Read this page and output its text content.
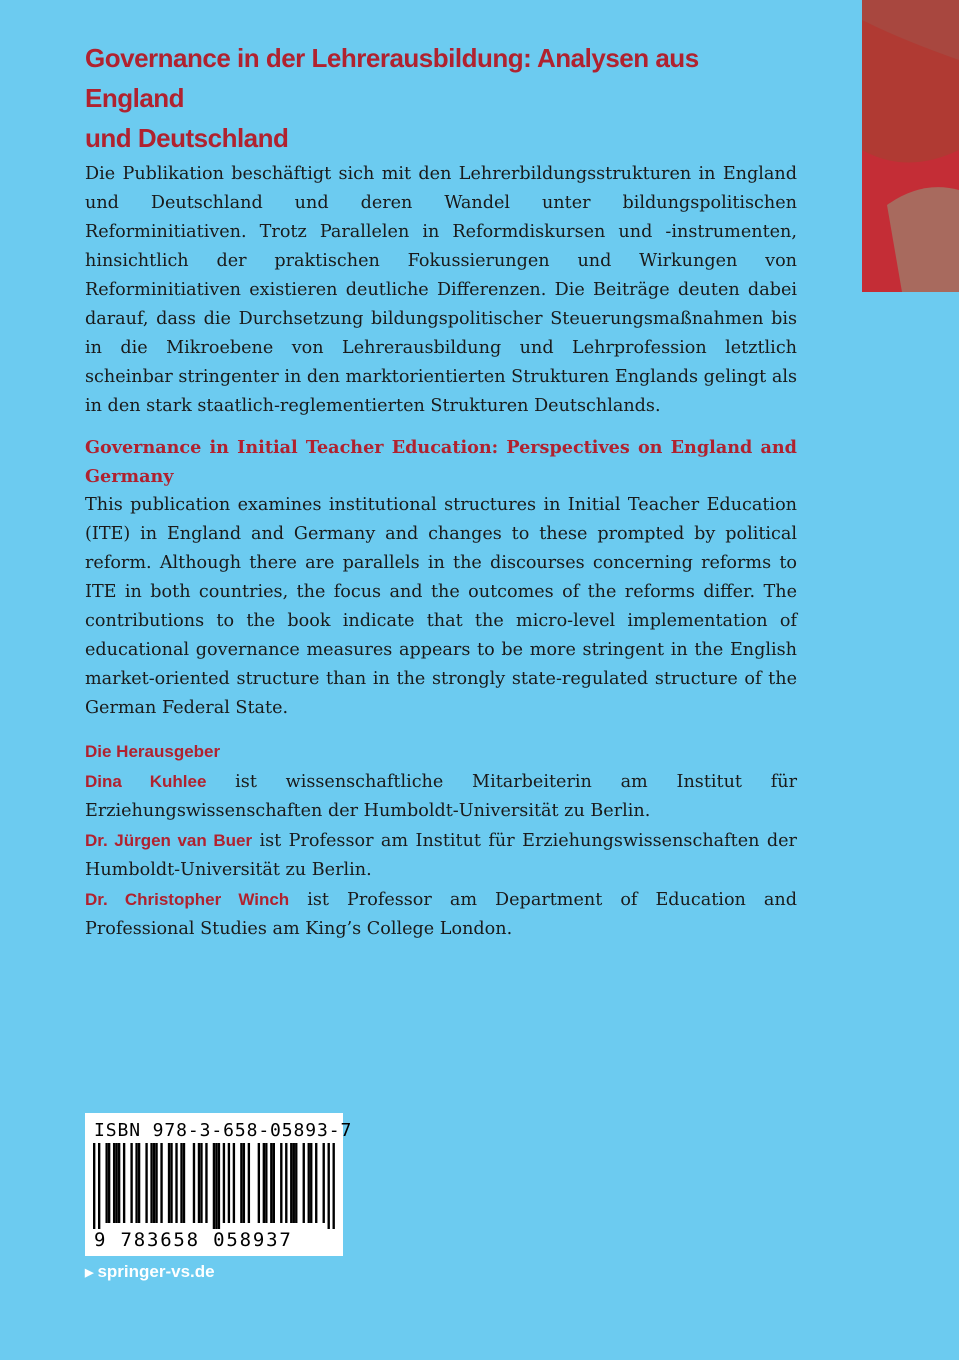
Governance in der Lehrerausbildung: Analysen aus England
und Deutschland

Die Publikation beschäftigt sich mit den Lehrerbildungsstrukturen in England und Deutschland und deren Wandel unter bildungspolitischen Reforminitiativen. Trotz Parallelen in Reformdiskursen und -instrumenten, hinsichtlich der praktischen Fokussierungen und Wirkungen von Reforminitiativen existieren deutliche Differenzen. Die Beiträge deuten dabei darauf, dass die Durchsetzung bildungspolitischer Steuerungsmaßnahmen bis in die Mikroebene von Lehrerausbildung und Lehrprofession letztlich scheinbar stringenter in den marktorientierten Strukturen Englands gelingt als in den stark staatlich-reglementierten Strukturen Deutschlands.

Governance in Initial Teacher Education: Perspectives on England and Germany

This publication examines institutional structures in Initial Teacher Education (ITE) in England and Germany and changes to these prompted by political reform. Although there are parallels in the discourses concerning reforms to ITE in both countries, the focus and the outcomes of the reforms differ. The contributions to the book indicate that the micro-level implementation of educational governance measures appears to be more stringent in the English market-oriented structure than in the strongly state-regulated structure of the German Federal State.

Die Herausgeber

Dina Kuhlee ist wissenschaftliche Mitarbeiterin am Institut für Erziehungswissenschaften der Humboldt-Universität zu Berlin.

Dr. Jürgen van Buer ist Professor am Institut für Erziehungswissenschaften der Humboldt-Universität zu Berlin.

Dr. Christopher Winch ist Professor am Department of Education and Professional Studies am King’s College London.

ISBN 978-3-658-05893-7
9 783658 058937
▶ springer-vs.de
